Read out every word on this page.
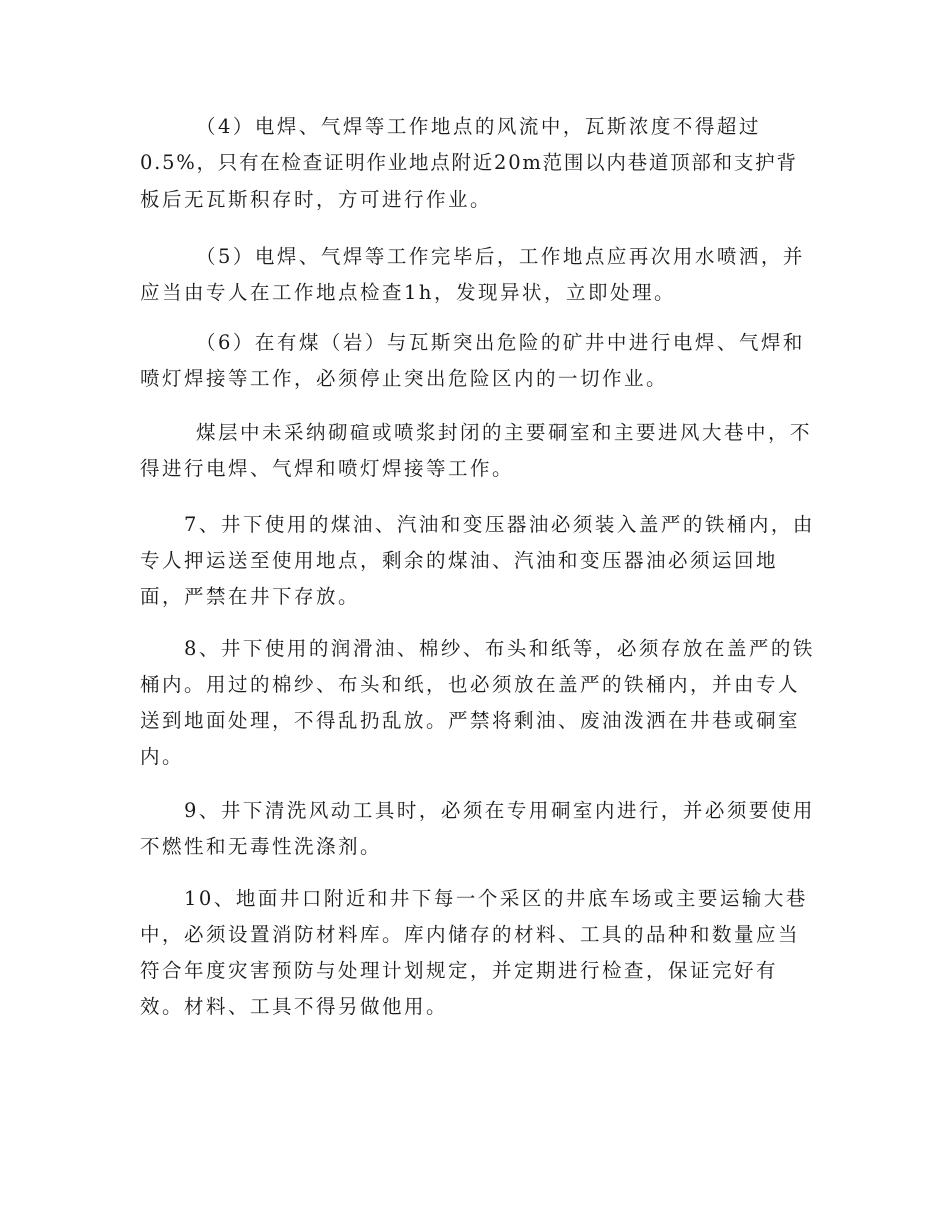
（4）电焊、气焊等工作地点的风流中，瓦斯浓度不得超过

0.5%，只有在检查证明作业地点附近20m范围以内巷道顶部和支护背

板后无瓦斯积存时，方可进行作业。

（5）电焊、气焊等工作完毕后，工作地点应再次用水喷洒，并

应当由专人在工作地点检查1h，发现异状，立即处理。

（6）在有煤（岩）与瓦斯突出危险的矿井中进行电焊、气焊和

喷灯焊接等工作，必须停止突出危险区内的一切作业。

煤层中未采纳砌碹或喷浆封闭的主要硐室和主要进风大巷中，不

得进行电焊、气焊和喷灯焊接等工作。

7、井下使用的煤油、汽油和变压器油必须装入盖严的铁桶内，由

专人押运送至使用地点，剩余的煤油、汽油和变压器油必须运回地

面，严禁在井下存放。

8、井下使用的润滑油、棉纱、布头和纸等，必须存放在盖严的铁

桶内。用过的棉纱、布头和纸，也必须放在盖严的铁桶内，并由专人

送到地面处理，不得乱扔乱放。严禁将剩油、废油泼洒在井巷或硐室

内。

9、井下清洗风动工具时，必须在专用硐室内进行，并必须要使用

不燃性和无毒性洗涤剂。

10、地面井口附近和井下每一个采区的井底车场或主要运输大巷

中，必须设置消防材料库。库内储存的材料、工具的品种和数量应当

符合年度灾害预防与处理计划规定，并定期进行检查，保证完好有

效。材料、工具不得另做他用。
